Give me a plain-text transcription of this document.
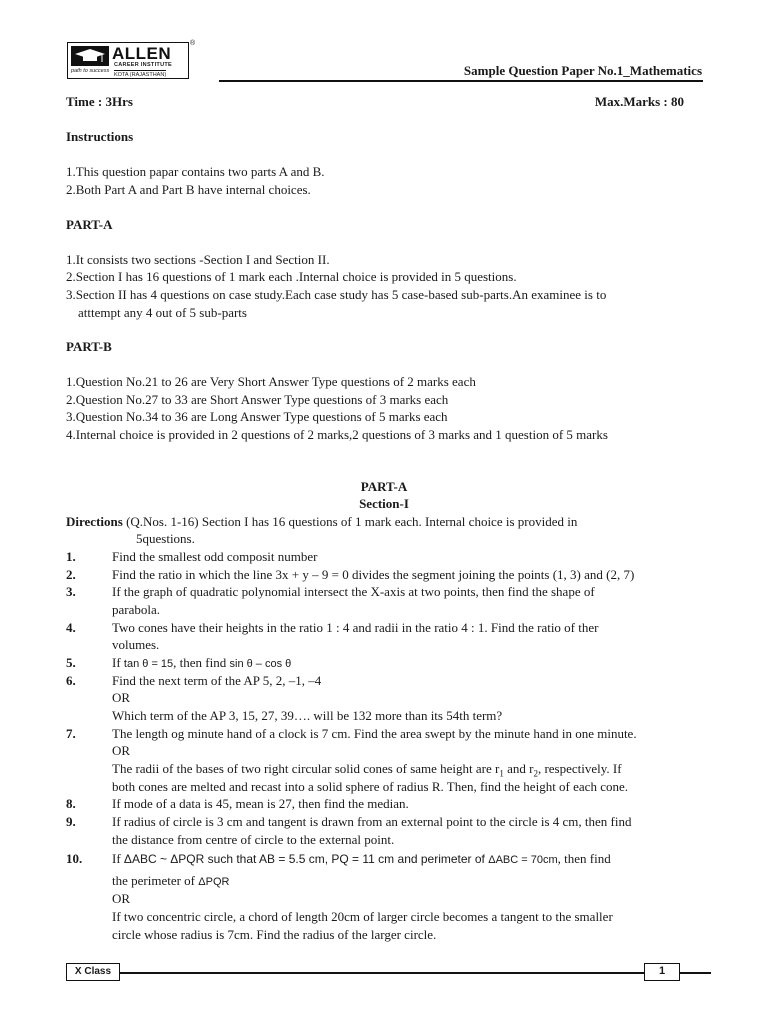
ALLEN
CAREER INSTITUTE
path to success
KOTA (RAJASTHAN)
®
Sample Question Paper No.1_Mathematics
Time : 3Hrs	Max.Marks : 80
Instructions
1.This question papar contains two parts A and B.
2.Both Part A and Part B have internal choices.
PART-A
1.It consists two sections -Section I and Section II.
2.Section I has 16 questions of 1 mark each .Internal choice is provided in 5 questions.
3.Section II has 4 questions on case study.Each case study has 5 case-based sub-parts.An examinee is to
atttempt any 4 out of 5 sub-parts
PART-B
1.Question No.21 to 26 are Very Short Answer Type questions of 2 marks each
2.Question No.27 to 33 are Short Answer Type questions of 3 marks each
3.Question No.34 to 36 are Long Answer Type questions of 5 marks each
4.Internal choice is provided in 2 questions of 2 marks,2 questions of 3 marks and 1 question of 5 marks
PART-A
Section-I
Directions (Q.Nos. 1-16) Section I has 16 questions of 1 mark each. Internal choice is provided in
5questions.
1.	Find the smallest odd composit number
2.	Find the ratio in which the line 3x + y – 9 = 0 divides the segment joining the points (1, 3) and (2, 7)
3.	If the graph of quadratic polynomial intersect the X-axis at two points, then find the shape of
parabola.
4.	Two cones have their heights in the ratio 1 : 4 and radii in the ratio 4 : 1. Find the ratio of ther
volumes.
5.	If tan θ = 15, then find sin θ – cos θ
6.	Find the next term of the AP 5, 2, –1, –4
OR
Which term of the AP 3, 15, 27, 39…. will be 132 more than its 54th term?
7.	The length og minute hand of a clock is 7 cm. Find the area swept by the minute hand in one minute.
OR
The radii of the bases of two right circular solid cones of same height are $r_1$ and $r_2$, respectively. If
both cones are melted and recast into a solid sphere of radius R. Then, find the height of each cone.
8.	If mode of a data is 45, mean is 27, then find the median.
9.	If radius of circle is 3 cm and tangent is drawn from an external point to the circle is 4 cm, then find
the distance from centre of circle to the external point.
10. If ΔABC ~ ΔPQR such that AB = 5.5 cm, PQ = 11 cm and perimeter of ΔABC = 70cm, then find
the perimeter of ΔPQR
OR
If two concentric circle, a chord of length 20cm of larger circle becomes a tangent to the smaller
circle whose radius is 7cm. Find the radius of the larger circle.
X Class	1
